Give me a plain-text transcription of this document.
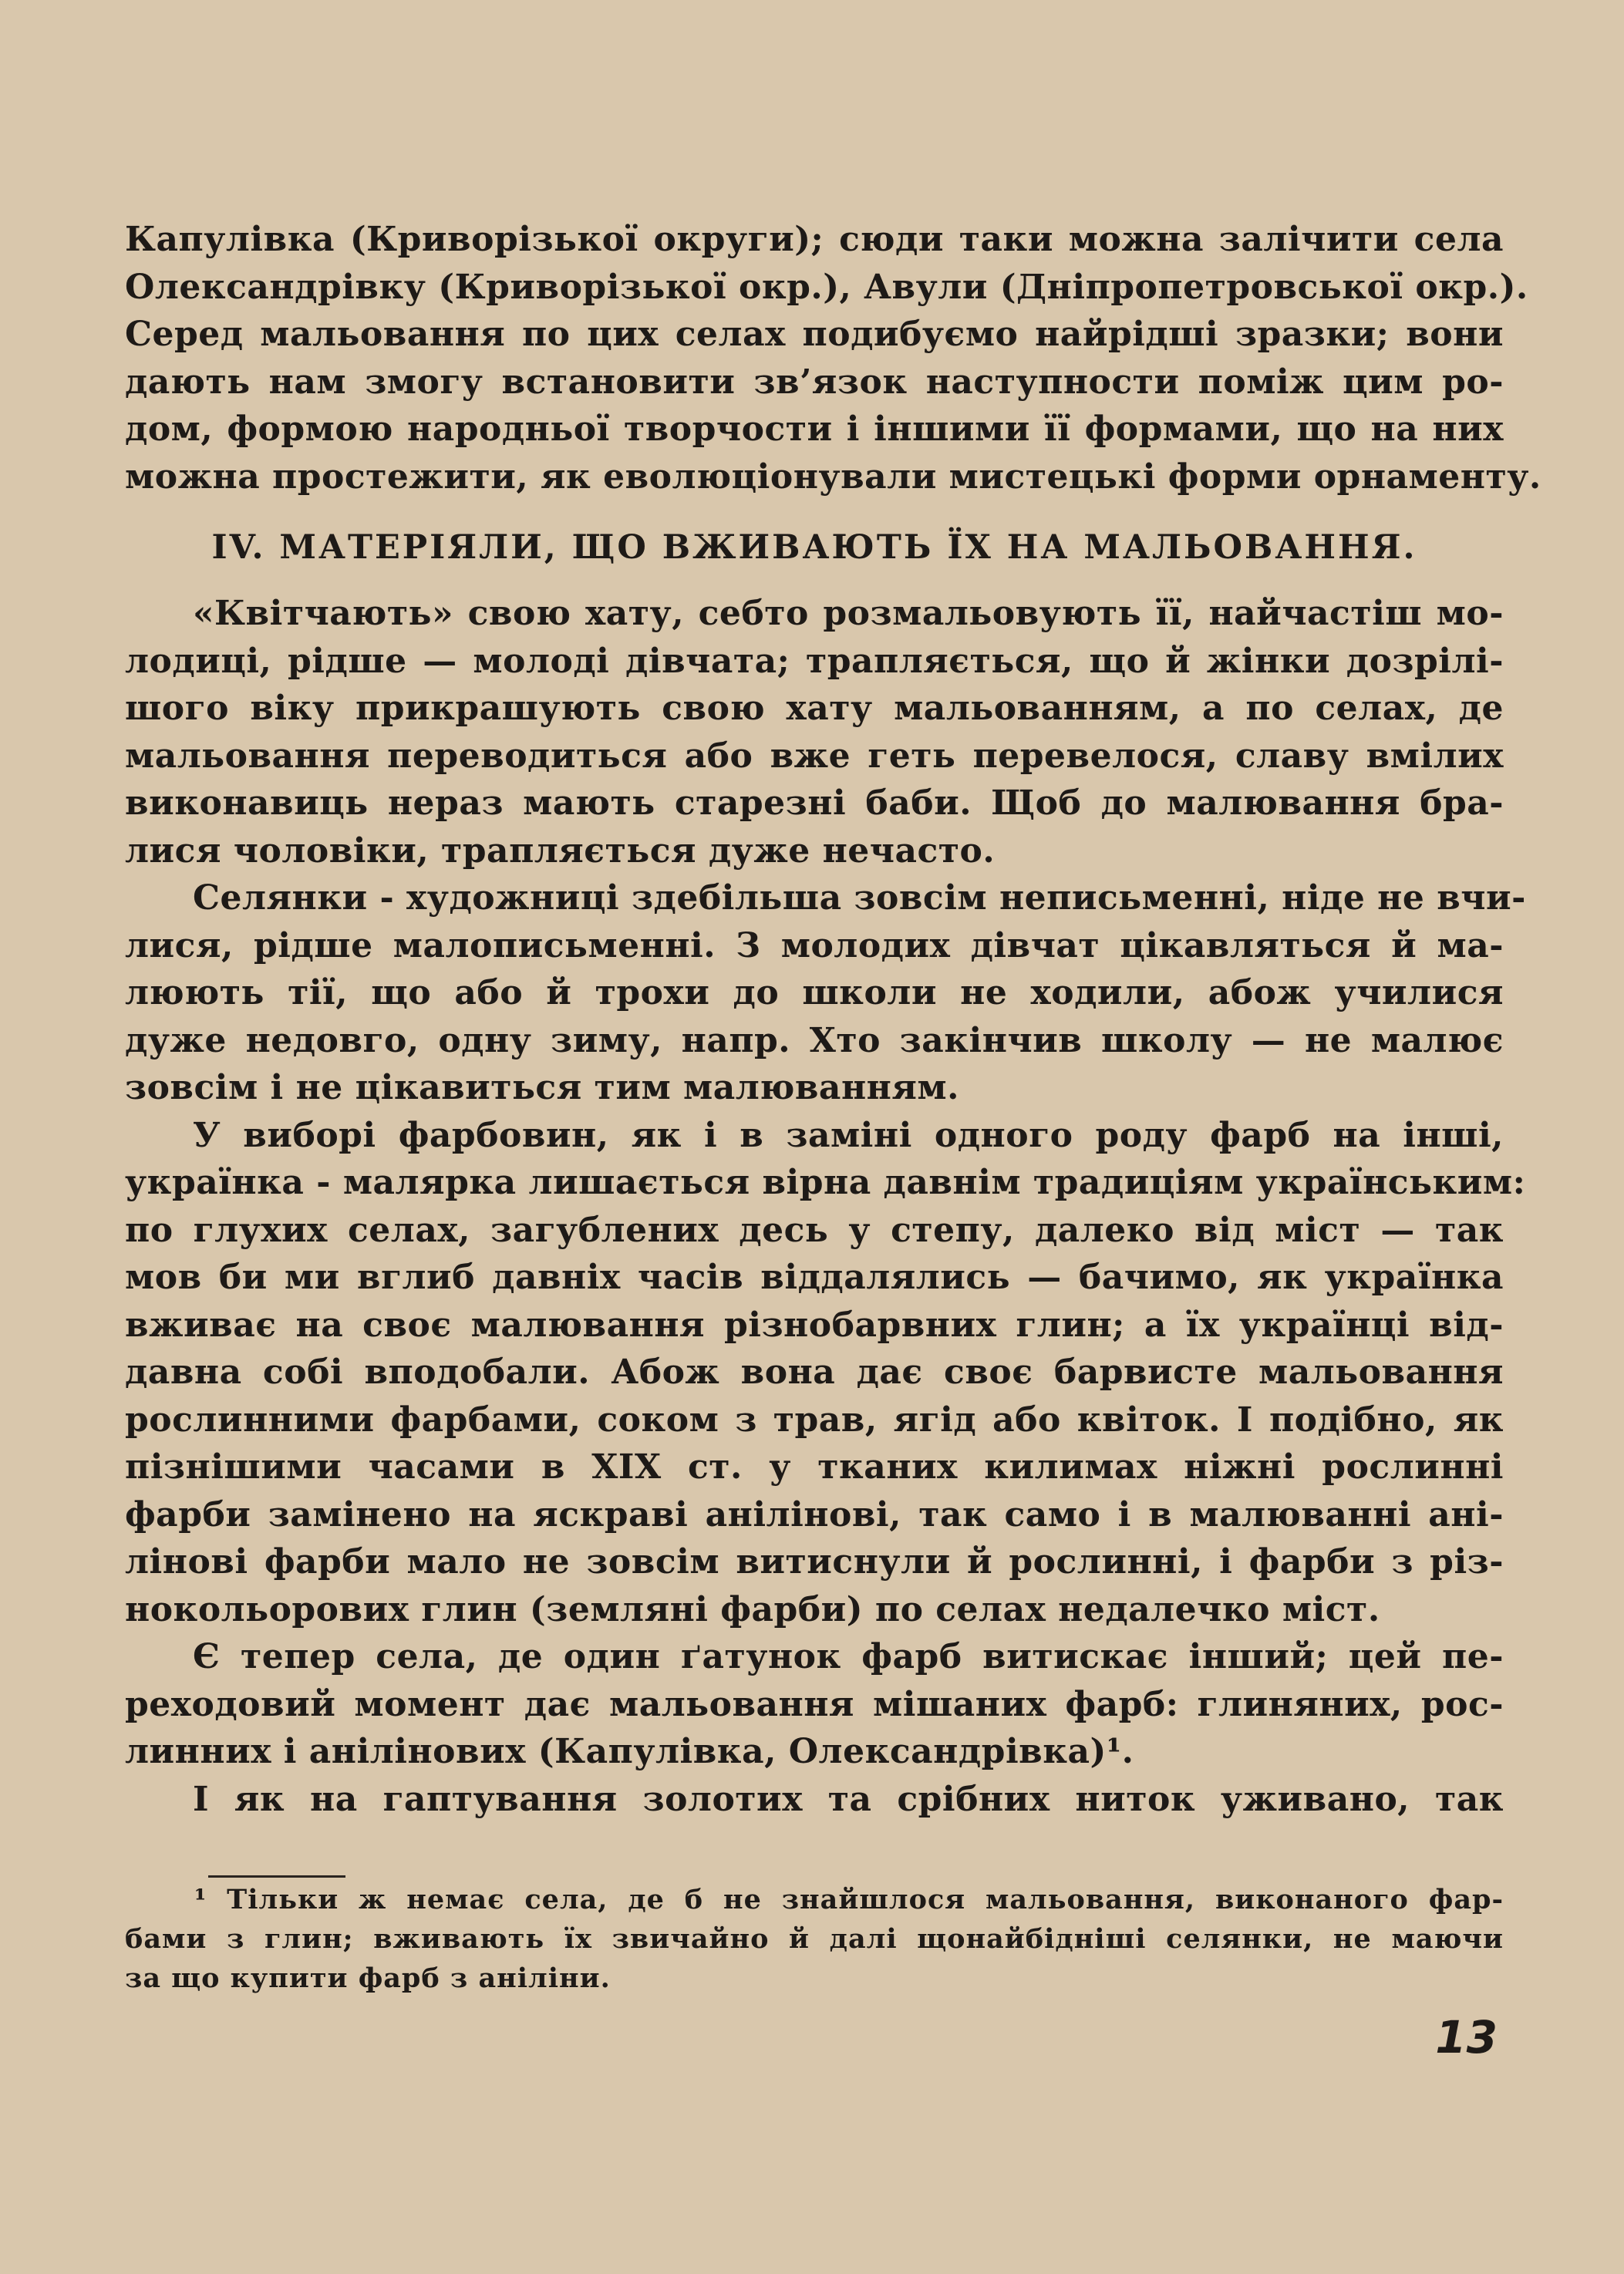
Капулівка (Криворізької округи); сюди таки можна залічити села
Олександрівку (Криворізької окр.), Авули (Дніпропетровської окр.).
Серед мальовання по цих селах подибуємо найрідші зразки; вони
дають нам змогу встановити зв’язок наступности поміж цим ро-
дом, формою народньої творчости і іншими її формами, що на них
можна простежити, як еволюціонували мистецькі форми орнаменту.
IV. МАТЕРІЯЛИ, ЩО ВЖИВАЮТЬ ЇХ НА МАЛЬОВАННЯ.
«Квітчають» свою хату, себто розмальовують її, найчастіш мо-
лодиці, рідше — молоді дівчата; трапляється, що й жінки дозрілі-
шого віку прикрашують свою хату мальованням, а по селах, де
мальовання переводиться або вже геть перевелося, славу вмілих
виконавиць нераз мають старезні баби. Щоб до малювання бра-
лися чоловіки, трапляється дуже нечасто.
Селянки - художниці здебільша зовсім неписьменні, ніде не вчи-
лися, рідше малописьменні. З молодих дівчат цікавляться й ма-
люють тії, що або й трохи до школи не ходили, абож училися
дуже недовго, одну зиму, напр. Хто закінчив школу — не малює
зовсім і не цікавиться тим малюванням.
У виборі фарбовин, як і в заміні одного роду фарб на інші,
українка - малярка лишається вірна давнім традиціям українським:
по глухих селах, загублених десь у степу, далеко від міст — так
мов би ми вглиб давніх часів віддалялись — бачимо, як українка
вживає на своє малювання різнобарвних глин; а їх українці від-
давна собі вподобали. Абож вона дає своє барвисте мальовання
рослинними фарбами, соком з трав, ягід або квіток. І подібно, як
пізнішими часами в XIX ст. у тканих килимах ніжні рослинні
фарби замінено на яскраві анілінові, так само і в малюванні ані-
лінові фарби мало не зовсім витиснули й рослинні, і фарби з різ-
нокольорових глин (земляні фарби) по селах недалечко міст.
Є тепер села, де один ґатунок фарб витискає інший; цей пе-
реходовий момент дає мальовання мішаних фарб: глиняних, рос-
линних і анілінових (Капулівка, Олександрівка)¹.
І як на гаптування золотих та срібних ниток уживано, так
¹ Тільки ж немає села, де б не знайшлося мальовання, виконаного фар-
бами з глин; вживають їх звичайно й далі щонайбідніші селянки, не маючи
за що купити фарб з аніліни.
13
